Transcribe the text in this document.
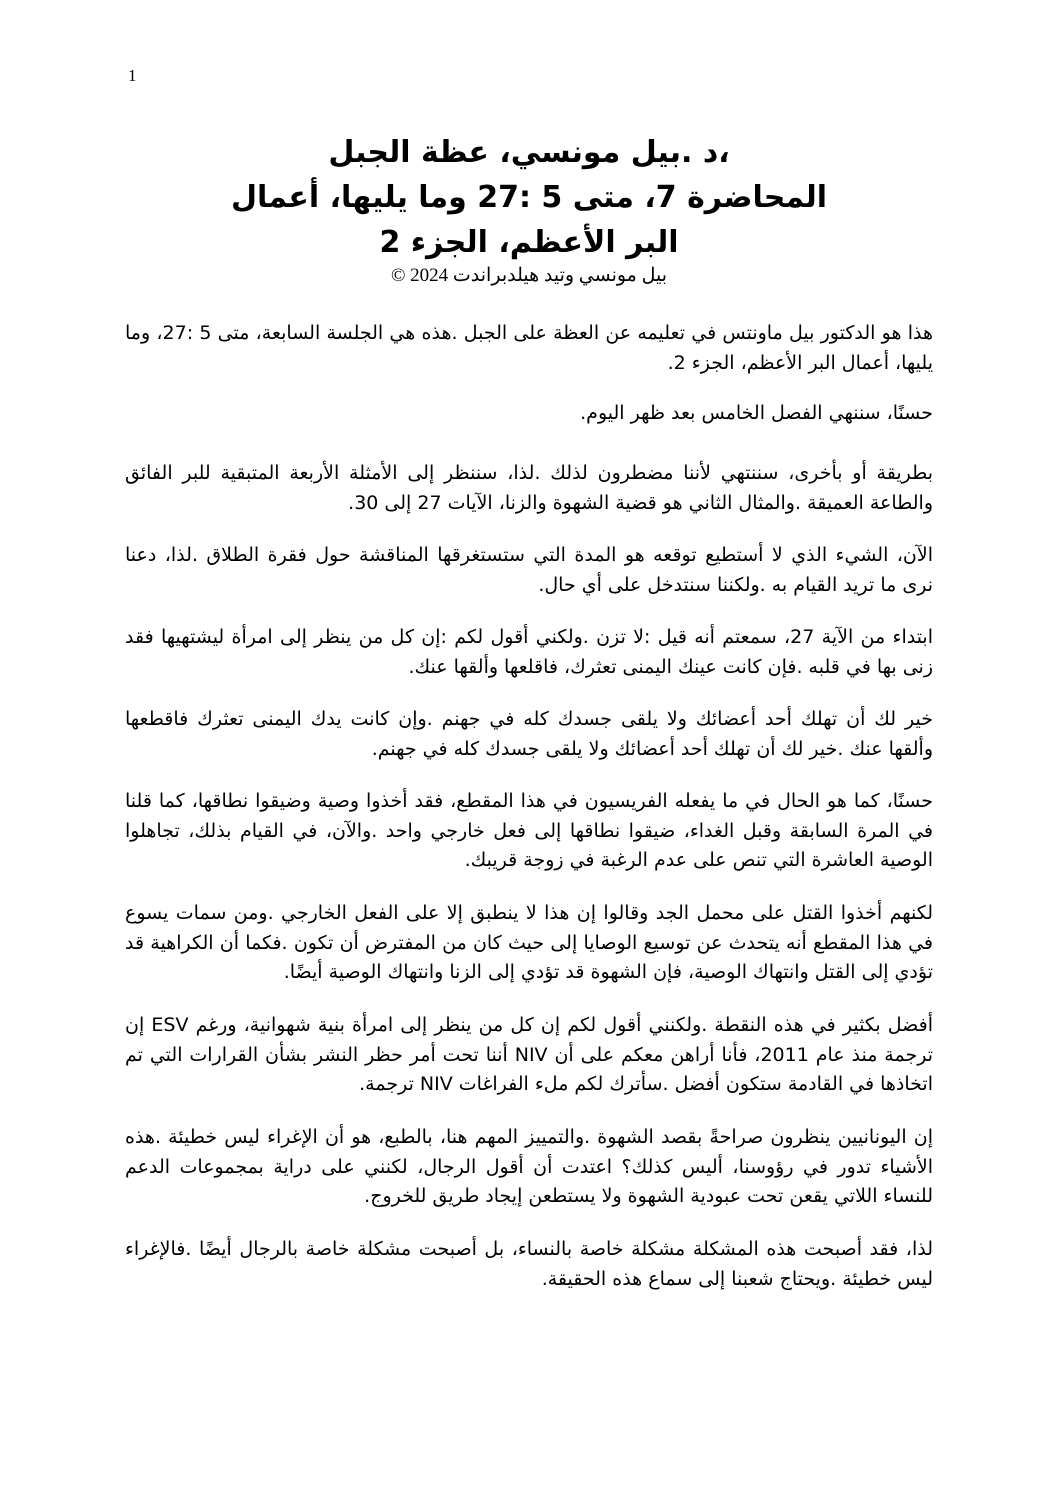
1
،د .بيل مونسي، عظة الجبل
المحاضرة 7، متى 5 :27 وما يليها، أعمال
البر الأعظم، الجزء 2
بيل مونسي وتيد هيلدبراندت 2024 ©

هذا هو الدكتور بيل ماونتس في تعليمه عن العظة على الجبل .هذه هي الجلسة السابعة، متى 5 :27، وما يليها، أعمال البر الأعظم، الجزء 2.

حسنًا، سننهي الفصل الخامس بعد ظهر اليوم.

بطريقة أو بأخرى، سننتهي لأننا مضطرون لذلك .لذا، سننظر إلى الأمثلة الأربعة المتبقية للبر الفائق والطاعة العميقة .والمثال الثاني هو قضية الشهوة والزنا، الآيات 27 إلى 30.

الآن، الشيء الذي لا أستطيع توقعه هو المدة التي ستستغرقها المناقشة حول فقرة الطلاق .لذا، دعنا نرى ما تريد القيام به .ولكننا سنتدخل على أي حال.

ابتداء من الآية 27، سمعتم أنه قيل :لا تزن .ولكني أقول لكم :إن كل من ينظر إلى امرأة ليشتهيها فقد زنى بها في قلبه .فإن كانت عينك اليمنى تعثرك، فاقلعها وألقها عنك.

خير لك أن تهلك أحد أعضائك ولا يلقى جسدك كله في جهنم .وإن كانت يدك اليمنى تعثرك فاقطعها وألقها عنك .خير لك أن تهلك أحد أعضائك ولا يلقى جسدك كله في جهنم.

حسنًا، كما هو الحال في ما يفعله الفريسيون في هذا المقطع، فقد أخذوا وصية وضيقوا نطاقها، كما قلنا في المرة السابقة وقبل الغداء، ضيقوا نطاقها إلى فعل خارجي واحد .والآن، في القيام بذلك، تجاهلوا الوصية العاشرة التي تنص على عدم الرغبة في زوجة قريبك.

لكنهم أخذوا القتل على محمل الجد وقالوا إن هذا لا ينطبق إلا على الفعل الخارجي .ومن سمات يسوع في هذا المقطع أنه يتحدث عن توسيع الوصايا إلى حيث كان من المفترض أن تكون .فكما أن الكراهية قد تؤدي إلى القتل وانتهاك الوصية، فإن الشهوة قد تؤدي إلى الزنا وانتهاك الوصية أيضًا.

أفضل بكثير في هذه النقطة .ولكنني أقول لكم إن كل من ينظر إلى امرأة بنية شهوانية، ورغم ESV إن ترجمة منذ عام 2011، فأنا أراهن معكم على أن NIV أننا تحت أمر حظر النشر بشأن القرارات التي تم اتخاذها في القادمة ستكون أفضل .سأترك لكم ملء الفراغات NIV ترجمة.

إن اليونانيين ينظرون صراحةً بقصد الشهوة .والتمييز المهم هنا، بالطبع، هو أن الإغراء ليس خطيئة .هذه الأشياء تدور في رؤوسنا، أليس كذلك؟ اعتدت أن أقول الرجال، لكنني على دراية بمجموعات الدعم للنساء اللاتي يقعن تحت عبودية الشهوة ولا يستطعن إيجاد طريق للخروج.

لذا، فقد أصبحت هذه المشكلة مشكلة خاصة بالنساء، بل أصبحت مشكلة خاصة بالرجال أيضًا .فالإغراء ليس خطيئة .ويحتاج شعبنا إلى سماع هذه الحقيقة.
